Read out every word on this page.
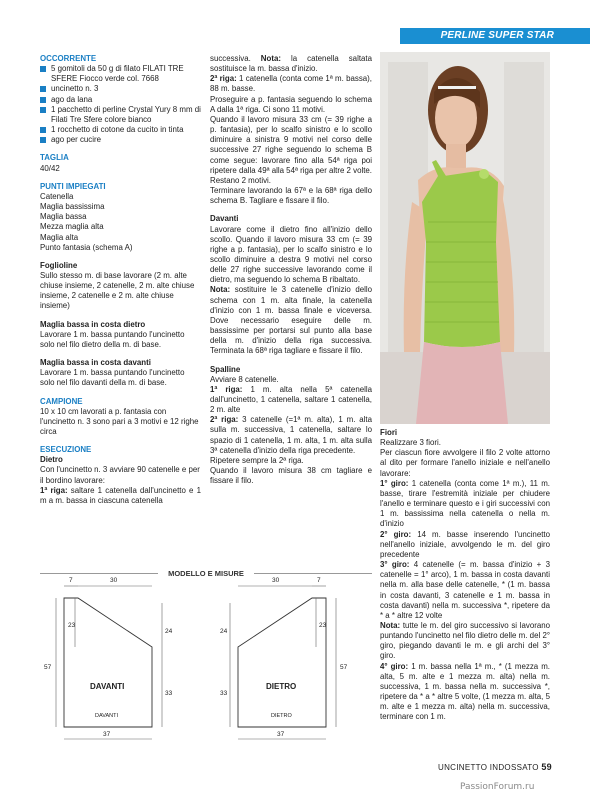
PERLINE SUPER STAR
OCCORRENTE
5 gomitoli da 50 g di filato FILATI TRE SFERE Fiocco verde col. 7668
uncinetto n. 3
ago da lana
1 pacchetto di perline Crystal Yury 8 mm di Filati Tre Sfere colore bianco
1 rocchetto di cotone da cucito in tinta
ago per cucire
TAGLIA
40/42
PUNTI IMPIEGATI
Catenella
Maglia bassissima
Maglia bassa
Mezza maglia alta
Maglia alta
Punto fantasia (schema A)
Foglioline
Sullo stesso m. di base lavorare (2 m. alte chiuse insieme, 2 catenelle, 2 m. alte chiuse insieme, 2 catenelle e 2 m. alte chiuse insieme)
Maglia bassa in costa dietro
Lavorare 1 m. bassa puntando l'uncinetto solo nel filo dietro della m. di base.
Maglia bassa in costa davanti
Lavorare 1 m. bassa puntando l'uncinetto solo nel filo davanti della m. di base.
CAMPIONE
10 x 10 cm lavorati a p. fantasia con l'uncinetto n. 3 sono pari a 3 motivi e 12 righe circa
ESECUZIONE
Dietro
Con l'uncinetto n. 3 avviare 90 catenelle e per il bordino lavorare:
1ª riga: saltare 1 catenella dall'uncinetto e 1 m a m. bassa in ciascuna catenella
successiva. Nota: la catenella saltata sostituisce la m. bassa d'inizio.
2ª riga: 1 catenella (conta come 1ª m. bassa), 88 m. basse.
Proseguire a p. fantasia seguendo lo schema A dalla 1ª riga. Ci sono 11 motivi.
Quando il lavoro misura 33 cm (= 39 righe a p. fantasia), per lo scalfo sinistro e lo scollo diminuire a sinistra 9 motivi nel corso delle successive 27 righe seguendo lo schema B come segue: lavorare fino alla 54ª riga poi ripetere dalla 49ª alla 54ª riga per altre 2 volte.
Restano 2 motivi.
Terminare lavorando la 67ª e la 68ª riga dello schema B. Tagliare e fissare il filo.
Davanti
Lavorare come il dietro fino all'inizio dello scollo. Quando il lavoro misura 33 cm (= 39 righe a p. fantasia), per lo scalfo sinistro e lo scollo diminuire a destra 9 motivi nel corso delle 27 righe successive lavorando come il dietro, ma seguendo lo schema B ribaltato.
Nota: sostituire le 3 catenelle d'inizio dello schema con 1 m. alta finale, la catenella d'inizio con 1 m. bassa finale e viceversa. Dove necessario eseguire delle m. bassissime per portarsi sul punto alla base della m. d'inizio della riga successiva. Terminata la 68ª riga tagliare e fissare il filo.
Spalline
Avviare 8 catenelle.
1ª riga: 1 m. alta nella 5ª catenella dall'uncinetto, 1 catenella, saltare 1 catenella, 2 m. alte
2ª riga: 3 catenelle (=1ª m. alta), 1 m. alta sulla m. successiva, 1 catenella, saltare lo spazio di 1 catenella, 1 m. alta, 1 m. alta sulla 3ª catenella d'inizio della riga precedente.
Ripetere sempre la 2ª riga.
Quando il lavoro misura 38 cm tagliare e fissare il filo.
Fiori
Realizzare 3 fiori.
Per ciascun fiore avvolgere il filo 2 volte attorno al dito per formare l'anello iniziale e nell'anello lavorare:
1° giro: 1 catenella (conta come 1ª m.), 11 m. basse, tirare l'estremità iniziale per chiudere l'anello e terminare questo e i giri successivi con 1 m. bassissima nella catenella o nella m. d'inizio
2° giro: 14 m. basse inserendo l'uncinetto nell'anello iniziale, avvolgendo le m. del giro precedente
3° giro: 4 catenelle (= m. bassa d'inizio + 3 catenelle = 1° arco), 1 m. bassa in costa davanti nella m. alla base delle catenelle, * (1 m. bassa in costa davanti, 3 catenelle e 1 m. bassa in costa davanti) nella m. successiva *, ripetere da * a * altre 12 volte
Nota: tutte le m. del giro successivo si lavorano puntando l'uncinetto nel filo dietro delle m. del 2° giro, piegando davanti le m. e gli archi del 3° giro.
4° giro: 1 m. bassa nella 1ª m., * (1 mezza m. alta, 5 m. alte e 1 mezza m. alta) nella m. successiva, 1 m. bassa nella m. successiva *, ripetere da * a * altre 5 volte, (1 mezza m. alta, 5 m. alte e 1 mezza m. alta) nella m. successiva, terminare con 1 m.
MODELLO E MISURE
7	30
23
57
24
33
37
DAVANTI
DAVANTI
30	7
23
57
24
33
37
DIETRO
DIETRO
UNCINETTO INDOSSATO 59
PassionForum.ru
